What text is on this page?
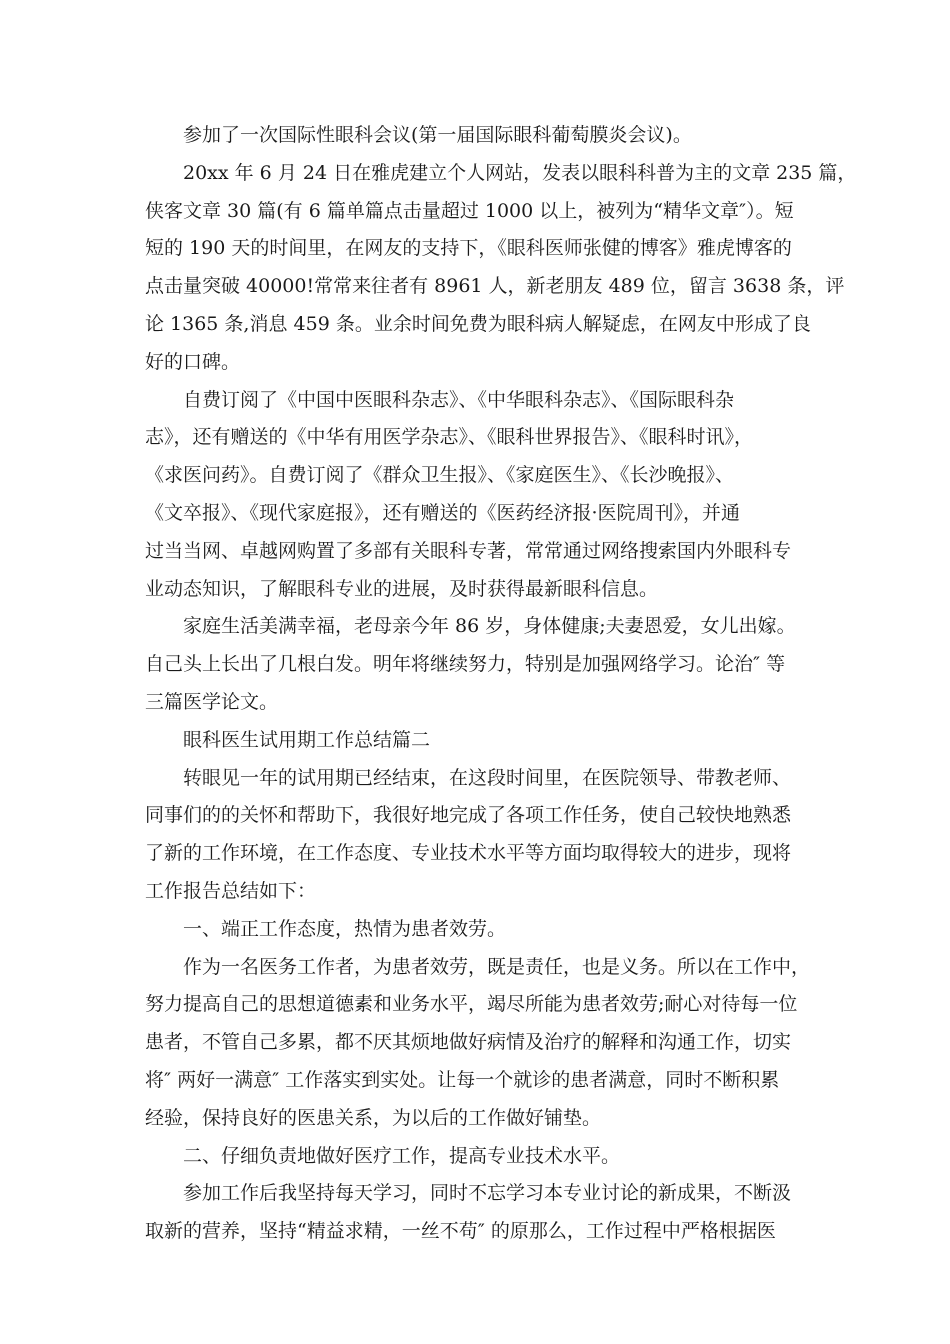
参加了一次国际性眼科会议(第一届国际眼科葡萄膜炎会议)。
20xx 年 6 月 24 日在雅虎建立个人网站，发表以眼科科普为主的文章 235 篇，
侠客文章 30 篇(有 6 篇单篇点击量超过 1000 以上，被列为“精华文章″）。短
短的 190 天的时间里，在网友的支持下，《眼科医师张健的博客》雅虎博客的
点击量突破 40000!常常来往者有 8961 人，新老朋友 489 位，留言 3638 条，评
论 1365 条,消息 459 条。业余时间免费为眼科病人解疑虑，在网友中形成了良
好的口碑。
自费订阅了《中国中医眼科杂志》、《中华眼科杂志》、《国际眼科杂
志》，还有赠送的《中华有用医学杂志》、《眼科世界报告》、《眼科时讯》，
《求医问药》。自费订阅了《群众卫生报》、《家庭医生》、《长沙晚报》、
《文卒报》、《现代家庭报》，还有赠送的《医药经济报·医院周刊》，并通
过当当网、卓越网购置了多部有关眼科专著，常常通过网络搜索国内外眼科专
业动态知识，了解眼科专业的进展，及时获得最新眼科信息。
家庭生活美满幸福，老母亲今年 86 岁，身体健康;夫妻恩爱，女儿出嫁。
自己头上长出了几根白发。明年将继续努力，特别是加强网络学习。论治″ 等
三篇医学论文。
眼科医生试用期工作总结篇二
转眼见一年的试用期已经结束，在这段时间里，在医院领导、带教老师、
同事们的的关怀和帮助下，我很好地完成了各项工作任务，使自己较快地熟悉
了新的工作环境，在工作态度、专业技术水平等方面均取得较大的进步，现将
工作报告总结如下：
一、端正工作态度，热情为患者效劳。
作为一名医务工作者，为患者效劳，既是责任，也是义务。所以在工作中，
努力提高自己的思想道德素和业务水平，竭尽所能为患者效劳;耐心对待每一位
患者，不管自己多累，都不厌其烦地做好病情及治疗的解释和沟通工作，切实
将″ 两好一满意″ 工作落实到实处。让每一个就诊的患者满意，同时不断积累
经验，保持良好的医患关系，为以后的工作做好铺垫。
二、仔细负责地做好医疗工作，提高专业技术水平。
参加工作后我坚持每天学习，同时不忘学习本专业讨论的新成果，不断汲
取新的营养，坚持“精益求精，一丝不苟″ 的原那么，工作过程中严格根据医
